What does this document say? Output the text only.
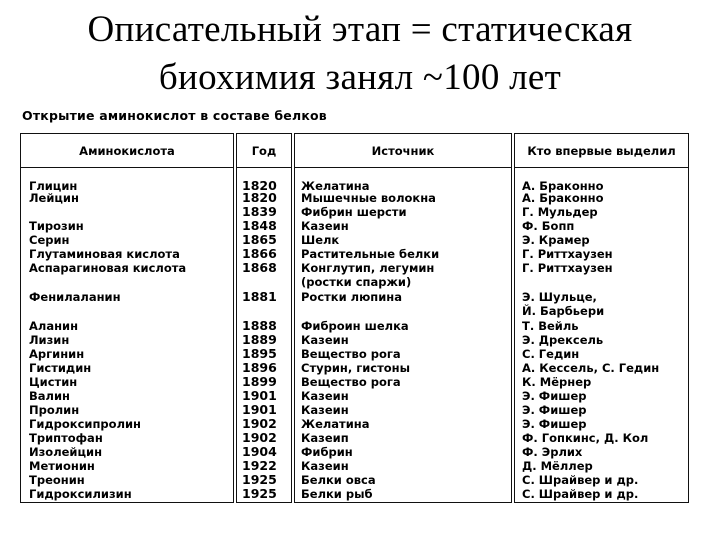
Описательный этап = статическая
биохимия занял ~100 лет
Открытие аминокислот в составе белков
Аминокислота
Глицин
Лейцин
Тирозин
Серин
Глутаминовая кислота
Аспарагиновая кислота
Фенилаланин
Аланин
Лизин
Аргинин
Гистидин
Цистин
Валин
Пролин
Гидроксипролин
Триптофан
Изолейцин
Метионин
Треонин
Гидроксилизин
Год
1820
1820
1839
1848
1865
1866
1868
1881
1888
1889
1895
1896
1899
1901
1901
1902
1902
1904
1922
1925
1925
Источник
Желатина
Мышечные волокна
Фибрин шерсти
Казеин
Шелк
Растительные белки
Конглутип, легумин
(ростки спаржи)
Ростки люпина
Фиброин шелка
Казеин
Вещество рога
Стурин, гистоны
Вещество рога
Казеин
Казеин
Желатина
Казеип
Фибрин
Казеин
Белки овса
Белки рыб
Кто впервые выделил
А. Браконно
А. Браконно
Г. Мульдер
Ф. Бопп
Э. Крамер
Г. Риттхаузен
Г. Риттхаузен
Э. Шульце,
Й. Барбьери
Т. Вейль
Э. Дрексель
С. Гедин
А. Кессель, С. Гедин
К. Мёрнер
Э. Фишер
Э. Фишер
Э. Фишер
Ф. Гопкинс, Д. Кол
Ф. Эрлих
Д. Мёллер
С. Шрайвер и др.
С. Шрайвер и др.
